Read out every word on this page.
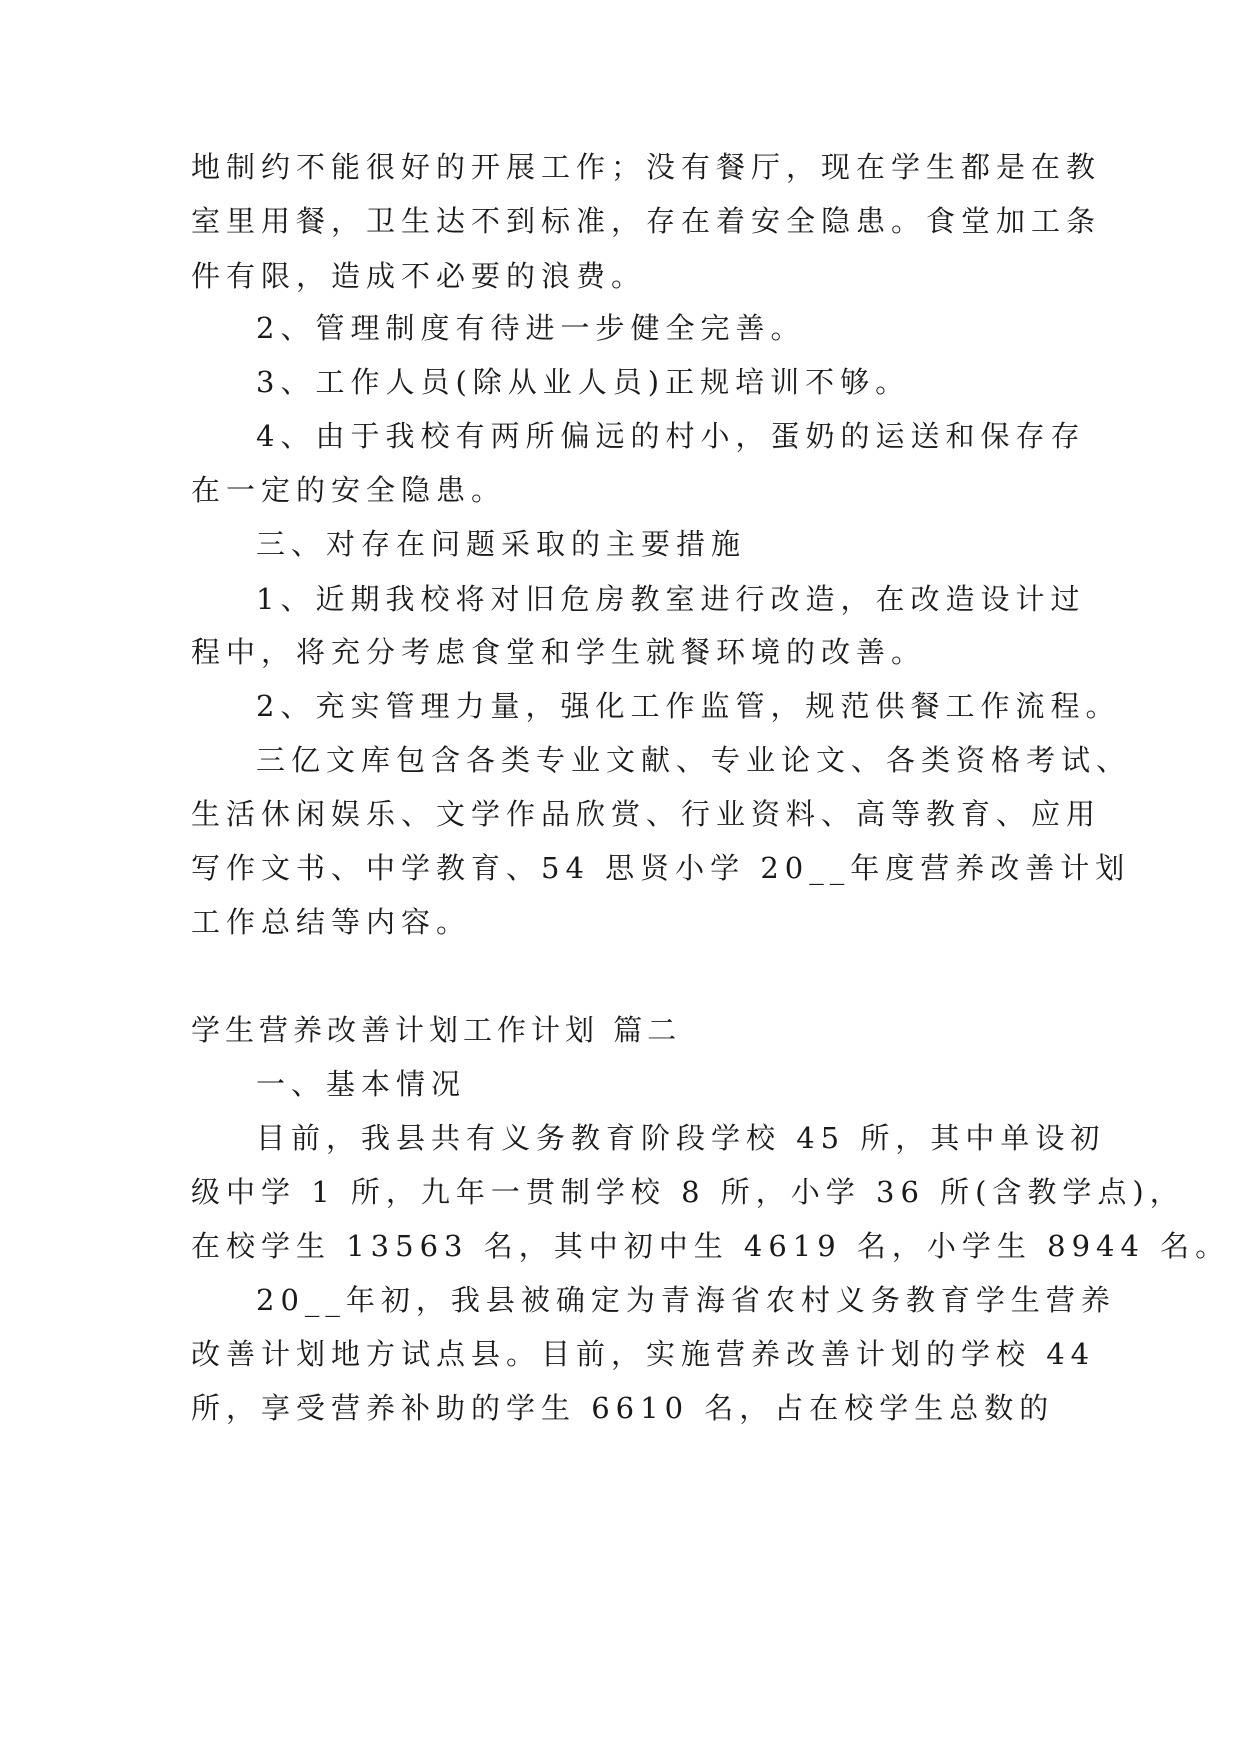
地制约不能很好的开展工作；没有餐厅，现在学生都是在教
室里用餐，卫生达不到标准，存在着安全隐患。食堂加工条
件有限，造成不必要的浪费。
2、管理制度有待进一步健全完善。
3、工作人员(除从业人员)正规培训不够。
4、由于我校有两所偏远的村小，蛋奶的运送和保存存
在一定的安全隐患。
三、对存在问题采取的主要措施
1、近期我校将对旧危房教室进行改造，在改造设计过
程中，将充分考虑食堂和学生就餐环境的改善。
2、充实管理力量，强化工作监管，规范供餐工作流程。
三亿文库包含各类专业文献、专业论文、各类资格考试、
生活休闲娱乐、文学作品欣赏、行业资料、高等教育、应用
写作文书、中学教育、54 思贤小学 20__年度营养改善计划
工作总结等内容。
学生营养改善计划工作计划 篇二
一、基本情况
目前，我县共有义务教育阶段学校 45 所，其中单设初
级中学 1 所，九年一贯制学校 8 所，小学 36 所(含教学点)，
在校学生 13563 名，其中初中生 4619 名，小学生 8944 名。
20__年初，我县被确定为青海省农村义务教育学生营养
改善计划地方试点县。目前，实施营养改善计划的学校 44
所，享受营养补助的学生 6610 名，占在校学生总数的
